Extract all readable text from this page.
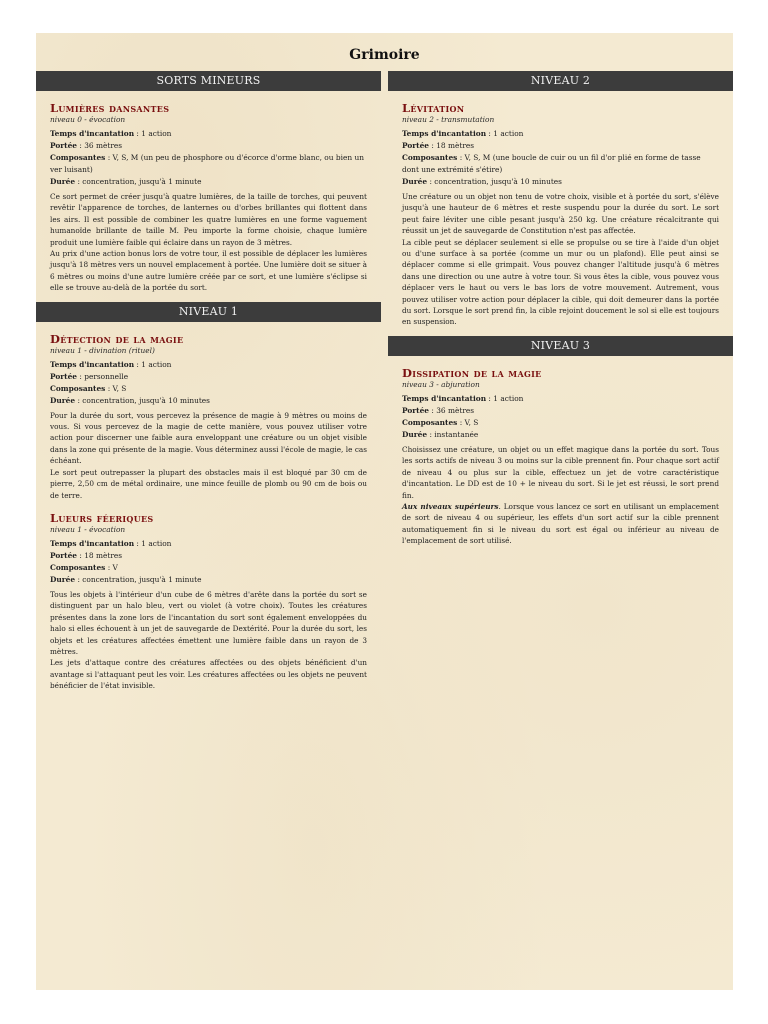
Grimoire
SORTS MINEURS
Lumières dansantes
niveau 0 - évocation

Temps d'incantation : 1 action

Portée : 36 mètres

Composantes : V, S, M (un peu de phosphore ou d'écorce d'orme blanc, ou bien un ver luisant)

Durée : concentration, jusqu'à 1 minute

Ce sort permet de créer jusqu'à quatre lumières, de la taille de torches, qui peuvent revêtir l'apparence de torches, de lanternes ou d'orbes brillantes qui flottent dans les airs. Il est possible de combiner les quatre lumières en une forme vaguement humanoïde brillante de taille M. Peu importe la forme choisie, chaque lumière produit une lumière faible qui éclaire dans un rayon de 3 mètres.

Au prix d'une action bonus lors de votre tour, il est possible de déplacer les lumières jusqu'à 18 mètres vers un nouvel emplacement à portée. Une lumière doit se situer à 6 mètres ou moins d'une autre lumière créée par ce sort, et une lumière s'éclipse si elle se trouve au-delà de la portée du sort.

NIVEAU 1
Détection de la magie
niveau 1 - divination (rituel)

Temps d'incantation : 1 action

Portée : personnelle

Composantes : V, S

Durée : concentration, jusqu'à 10 minutes

Pour la durée du sort, vous percevez la présence de magie à 9 mètres ou moins de vous. Si vous percevez de la magie de cette manière, vous pouvez utiliser votre action pour discerner une faible aura enveloppant une créature ou un objet visible dans la zone qui présente de la magie. Vous déterminez aussi l'école de magie, le cas échéant.

Le sort peut outrepasser la plupart des obstacles mais il est bloqué par 30 cm de pierre, 2,50 cm de métal ordinaire, une mince feuille de plomb ou 90 cm de bois ou de terre.

Lueurs féeriques
niveau 1 - évocation

Temps d'incantation : 1 action

Portée : 18 mètres

Composantes : V

Durée : concentration, jusqu'à 1 minute

Tous les objets à l'intérieur d'un cube de 6 mètres d'arête dans la portée du sort se distinguent par un halo bleu, vert ou violet (à votre choix). Toutes les créatures présentes dans la zone lors de l'incantation du sort sont également enveloppées du halo si elles échouent à un jet de sauvegarde de Dextérité. Pour la durée du sort, les objets et les créatures affectées émettent une lumière faible dans un rayon de 3 mètres.

Les jets d'attaque contre des créatures affectées ou des objets bénéficient d'un avantage si l'attaquant peut les voir. Les créatures affectées ou les objets ne peuvent bénéficier de l'état invisible.

NIVEAU 2
Lévitation
niveau 2 - transmutation

Temps d'incantation : 1 action

Portée : 18 mètres

Composantes : V, S, M (une boucle de cuir ou un fil d'or plié en forme de tasse dont une extrémité s'étire)

Durée : concentration, jusqu'à 10 minutes

Une créature ou un objet non tenu de votre choix, visible et à portée du sort, s'élève jusqu'à une hauteur de 6 mètres et reste suspendu pour la durée du sort. Le sort peut faire léviter une cible pesant jusqu'à 250 kg. Une créature récalcitrante qui réussit un jet de sauvegarde de Constitution n'est pas affectée.

La cible peut se déplacer seulement si elle se propulse ou se tire à l'aide d'un objet ou d'une surface à sa portée (comme un mur ou un plafond). Elle peut ainsi se déplacer comme si elle grimpait. Vous pouvez changer l'altitude jusqu'à 6 mètres dans une direction ou une autre à votre tour. Si vous êtes la cible, vous pouvez vous déplacer vers le haut ou vers le bas lors de votre mouvement. Autrement, vous pouvez utiliser votre action pour déplacer la cible, qui doit demeurer dans la portée du sort. Lorsque le sort prend fin, la cible rejoint doucement le sol si elle est toujours en suspension.

NIVEAU 3
Dissipation de la magie
niveau 3 - abjuration

Temps d'incantation : 1 action

Portée : 36 mètres

Composantes : V, S

Durée : instantanée

Choisissez une créature, un objet ou un effet magique dans la portée du sort. Tous les sorts actifs de niveau 3 ou moins sur la cible prennent fin. Pour chaque sort actif de niveau 4 ou plus sur la cible, effectuez un jet de votre caractéristique d'incantation. Le DD est de 10 + le niveau du sort. Si le jet est réussi, le sort prend fin.

Aux niveaux supérieurs. Lorsque vous lancez ce sort en utilisant un emplacement de sort de niveau 4 ou supérieur, les effets d'un sort actif sur la cible prennent automatiquement fin si le niveau du sort est égal ou inférieur au niveau de l'emplacement de sort utilisé.
